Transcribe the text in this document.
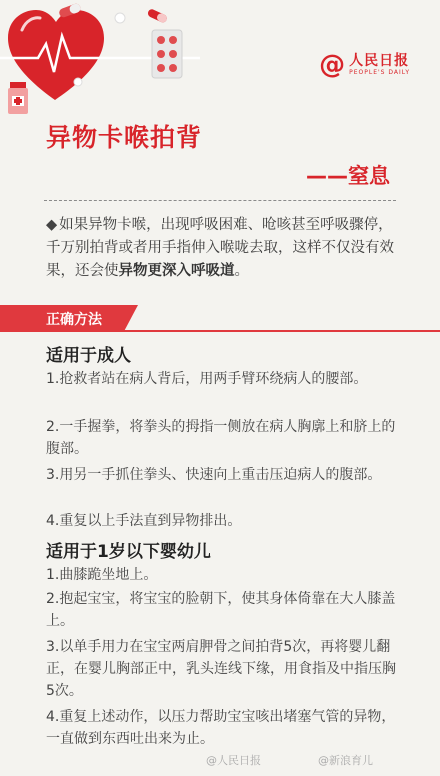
@ 人民日报
PEOPLE'S DAILY
异物卡喉拍背
——窒息

◆ 如果异物卡喉，出现呼吸困难、呛咳甚至呼吸骤停，千万别拍背或者用手指伸入喉咙去取，这样不仅没有效果，还会使异物更深入呼吸道。

正确方法
适用于成人

1.抢救者站在病人背后，用两手臂环绕病人的腰部。

2.一手握拳，将拳头的拇指一侧放在病人胸廓上和脐上的腹部。

3.用另一手抓住拳头、快速向上重击压迫病人的腹部。

4.重复以上手法直到异物排出。

适用于1岁以下婴幼儿

1.曲膝跪坐地上。

2.抱起宝宝，将宝宝的脸朝下，使其身体倚靠在大人膝盖上。

3.以单手用力在宝宝两肩胛骨之间拍背5次，再将婴儿翻正，在婴儿胸部正中，乳头连线下缘，用食指及中指压胸5次。

4.重复上述动作，以压力帮助宝宝咳出堵塞气管的异物，一直做到东西吐出来为止。

@人民日报	@新浪育儿
